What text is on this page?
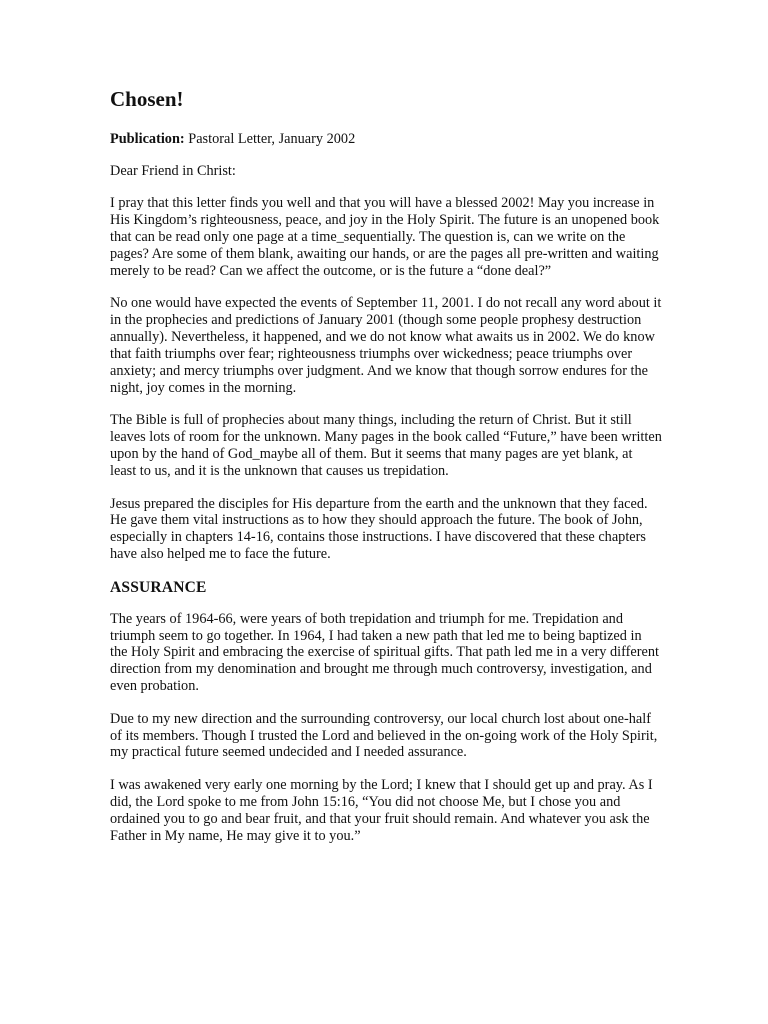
Chosen!
Publication: Pastoral Letter, January 2002

Dear Friend in Christ:

I pray that this letter finds you well and that you will have a blessed 2002! May you increase in His Kingdom’s righteousness, peace, and joy in the Holy Spirit. The future is an unopened book that can be read only one page at a time_sequentially. The question is, can we write on the pages? Are some of them blank, awaiting our hands, or are the pages all pre-written and waiting merely to be read? Can we affect the outcome, or is the future a “done deal?”

No one would have expected the events of September 11, 2001. I do not recall any word about it in the prophecies and predictions of January 2001 (though some people prophesy destruction annually). Nevertheless, it happened, and we do not know what awaits us in 2002. We do know that faith triumphs over fear; righteousness triumphs over wickedness; peace triumphs over anxiety; and mercy triumphs over judgment. And we know that though sorrow endures for the night, joy comes in the morning.

The Bible is full of prophecies about many things, including the return of Christ. But it still leaves lots of room for the unknown. Many pages in the book called “Future,” have been written upon by the hand of God_maybe all of them. But it seems that many pages are yet blank, at least to us, and it is the unknown that causes us trepidation.

Jesus prepared the disciples for His departure from the earth and the unknown that they faced. He gave them vital instructions as to how they should approach the future. The book of John, especially in chapters 14-16, contains those instructions. I have discovered that these chapters have also helped me to face the future.

ASSURANCE

The years of 1964-66, were years of both trepidation and triumph for me. Trepidation and triumph seem to go together. In 1964, I had taken a new path that led me to being baptized in the Holy Spirit and embracing the exercise of spiritual gifts. That path led me in a very different direction from my denomination and brought me through much controversy, investigation, and even probation.

Due to my new direction and the surrounding controversy, our local church lost about one-half of its members. Though I trusted the Lord and believed in the on-going work of the Holy Spirit, my practical future seemed undecided and I needed assurance.

I was awakened very early one morning by the Lord; I knew that I should get up and pray. As I did, the Lord spoke to me from John 15:16, “You did not choose Me, but I chose you and ordained you to go and bear fruit, and that your fruit should remain. And whatever you ask the Father in My name, He may give it to you.”
